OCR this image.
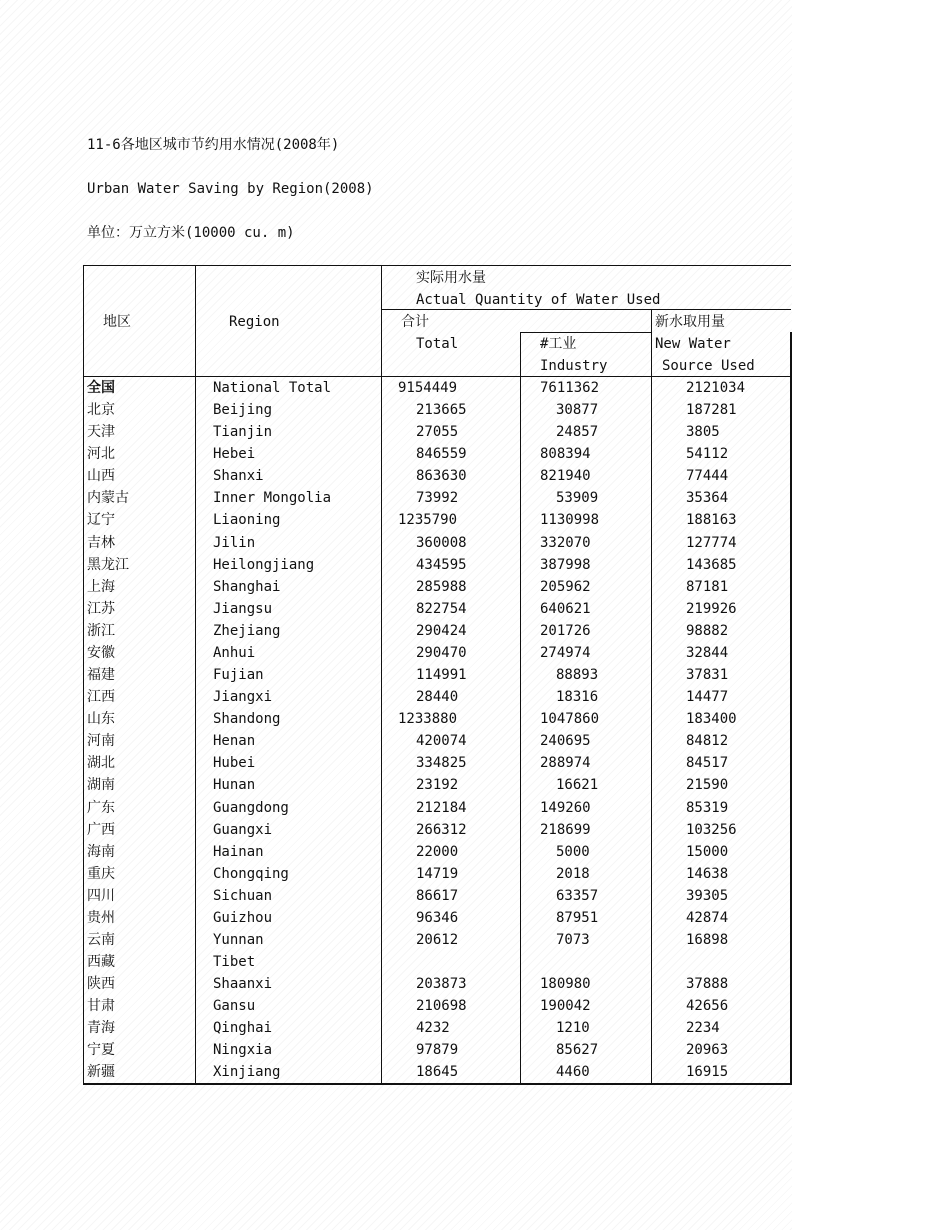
11-6各地区城市节约用水情况(2008年)
Urban Water Saving by Region(2008)
单位：万立方米(10000 cu. m)
地区	Region
实际用水量
Actual Quantity of Water Used
合计
Total	#工业
Industry
新水取用量
New Water
Source Used
全国	National Total	9154449	7611362	2121034
北京	Beijing	213665	30877	187281
天津	Tianjin	27055	24857	3805
河北	Hebei	846559	808394	54112
山西	Shanxi	863630	821940	77444
内蒙古	Inner Mongolia	73992	53909	35364
辽宁	Liaoning	1235790	1130998	188163
吉林	Jilin	360008	332070	127774
黑龙江	Heilongjiang	434595	387998	143685
上海	Shanghai	285988	205962	87181
江苏	Jiangsu	822754	640621	219926
浙江	Zhejiang	290424	201726	98882
安徽	Anhui	290470	274974	32844
福建	Fujian	114991	88893	37831
江西	Jiangxi	28440	18316	14477
山东	Shandong	1233880	1047860	183400
河南	Henan	420074	240695	84812
湖北	Hubei	334825	288974	84517
湖南	Hunan	23192	16621	21590
广东	Guangdong	212184	149260	85319
广西	Guangxi	266312	218699	103256
海南	Hainan	22000	5000	15000
重庆	Chongqing	14719	2018	14638
四川	Sichuan	86617	63357	39305
贵州	Guizhou	96346	87951	42874
云南	Yunnan	20612	7073	16898
西藏	Tibet
陕西	Shaanxi	203873	180980	37888
甘肃	Gansu	210698	190042	42656
青海	Qinghai	4232	1210	2234
宁夏	Ningxia	97879	85627	20963
新疆	Xinjiang	18645	4460	16915
